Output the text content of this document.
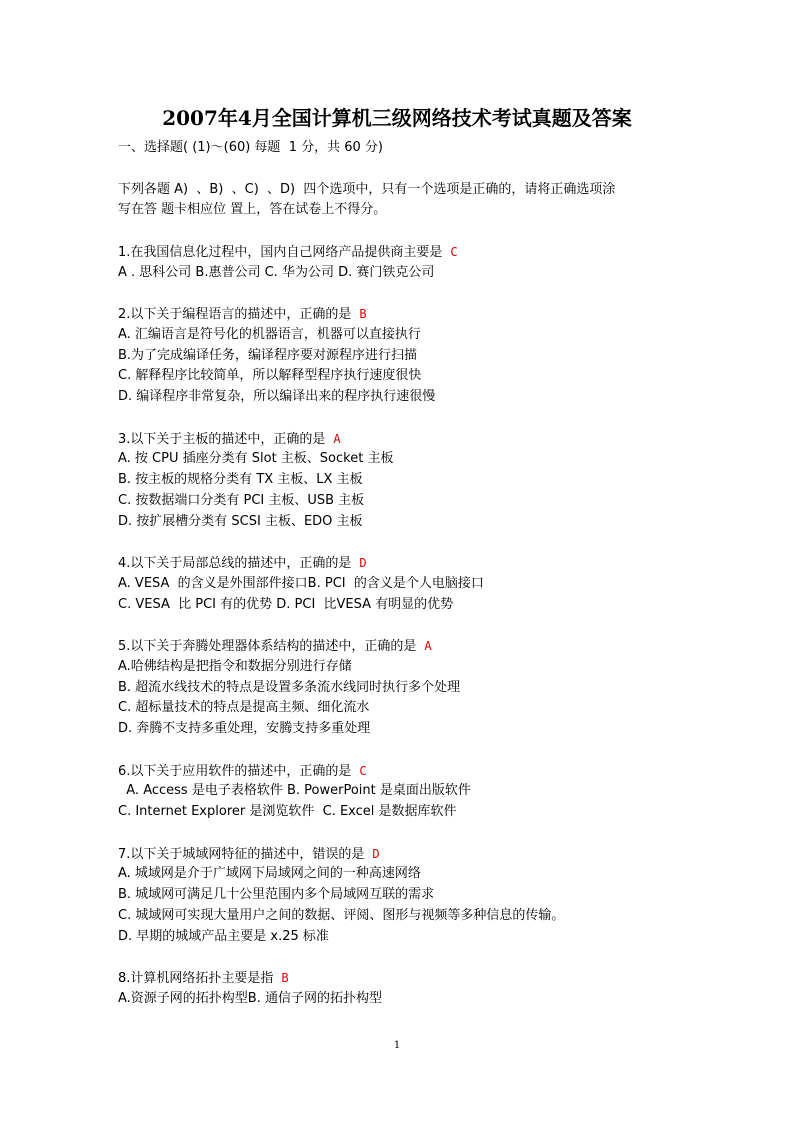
2007年4月全国计算机三级网络技术考试真题及答案
一、选择题( (1)～(60) 每题  1 分，共 60 分)
下列各题 A)  、B)  、C)  、D)  四个选项中，只有一个选项是正确的，请将正确选项涂
写在答 题卡相应位 置上，答在试卷上不得分。
1.在我国信息化过程中，国内自己网络产品提供商主要是 C
A . 思科公司 B.惠普公司 C. 华为公司 D. 赛门铁克公司
2.以下关于编程语言的描述中，正确的是 B
A. 汇编语言是符号化的机器语言，机器可以直接执行
B.为了完成编译任务，编译程序要对源程序进行扫描
C. 解释程序比较简单，所以解释型程序执行速度很快
D. 编译程序非常复杂，所以编译出来的程序执行速很慢
3.以下关于主板的描述中，正确的是 A
A. 按 CPU 插座分类有 Slot 主板、Socket 主板
B. 按主板的规格分类有 TX 主板、LX 主板
C. 按数据端口分类有 PCI 主板、USB 主板
D. 按扩展槽分类有 SCSI 主板、EDO 主板
4.以下关于局部总线的描述中，正确的是 D
A. VESA  的含义是外围部件接口B. PCI  的含义是个人电脑接口
C. VESA  比 PCI 有的优势 D. PCI  比VESA 有明显的优势
5.以下关于奔腾处理器体系结构的描述中，正确的是 A
A.哈佛结构是把指令和数据分别进行存储
B. 超流水线技术的特点是设置多条流水线同时执行多个处理
C. 超标量技术的特点是提高主频、细化流水
D. 奔腾不支持多重处理，安腾支持多重处理
6.以下关于应用软件的描述中，正确的是 C
A. Access 是电子表格软件 B. PowerPoint 是桌面出版软件
C. Internet Explorer 是浏览软件  C. Excel 是数据库软件
7.以下关于城域网特征的描述中，错误的是 D
A. 城域网是介于广域网下局域网之间的一种高速网络
B. 城域网可满足几十公里范围内多个局域网互联的需求
C. 城域网可实现大量用户之间的数据、评阅、图形与视频等多种信息的传输。
D. 早期的城域产品主要是 x.25 标准
8.计算机网络拓扑主要是指 B
A.资源子网的拓扑构型B. 通信子网的拓扑构型
1
